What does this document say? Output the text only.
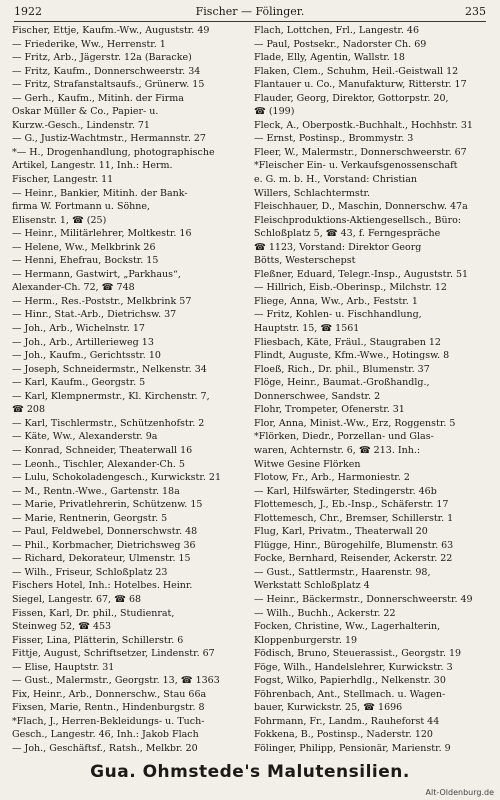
1922	Fischer — Fölinger.	235
Fischer, Ettje, Kaufm.-Ww., Auguststr. 49
— Friederike, Ww., Herrenstr. 1
— Fritz, Arb., Jägerstr. 12a (Baracke)
— Fritz, Kaufm., Donnerschweerstr. 34
— Fritz, Strafanstaltsaufs., Grünerw. 15
— Gerh., Kaufm., Mitinh. der Firma
Oskar Müller & Co., Papier- u.
Kurzw.-Gesch., Lindenstr. 71
— G., Justiz-Wachtmstr., Hermannstr. 27
*— H., Drogenhandlung, photographische
Artikel, Langestr. 11, Inh.: Herm.
Fischer, Langestr. 11
— Heinr., Bankier, Mitinh. der Bank-
firma W. Fortmann u. Söhne,
Elisenstr. 1, ☎ (25)
— Heinr., Militärlehrer, Moltkestr. 16
— Helene, Ww., Melkbrink 26
— Henni, Ehefrau, Bockstr. 15
— Hermann, Gastwirt, „Parkhaus“,
Alexander-Ch. 72, ☎ 748
— Herm., Res.-Poststr., Melkbrink 57
— Hinr., Stat.-Arb., Dietrichsw. 37
— Joh., Arb., Wichelnstr. 17
— Joh., Arb., Artillerieweg 13
— Joh., Kaufm., Gerichtsstr. 10
— Joseph, Schneidermstr., Nelkenstr. 34
— Karl, Kaufm., Georgstr. 5
— Karl, Klempnermstr., Kl. Kirchenstr. 7,
☎ 208
— Karl, Tischlermstr., Schützenhofstr. 2
— Käte, Ww., Alexanderstr. 9a
— Konrad, Schneider, Theaterwall 16
— Leonh., Tischler, Alexander-Ch. 5
— Lulu, Schokoladengesch., Kurwickstr. 21
— M., Rentn.-Wwe., Gartenstr. 18a
— Marie, Privatlehrerin, Schützenw. 15
— Marie, Rentnerin, Georgstr. 5
— Paul, Feldwebel, Donnerschwstr. 48
— Phil., Korbmacher, Dietrichsweg 36
— Richard, Dekorateur, Ulmenstr. 15
— Wilh., Friseur, Schloßplatz 23
Fischers Hotel, Inh.: Hotelbes. Heinr.
Siegel, Langestr. 67, ☎ 68
Fissen, Karl, Dr. phil., Studienrat,
Steinweg 52, ☎ 453
Fisser, Lina, Plätterin, Schillerstr. 6
Fittje, August, Schriftsetzer, Lindenstr. 67
— Elise, Hauptstr. 31
— Gust., Malermstr., Georgstr. 13, ☎ 1363
Fix, Heinr., Arb., Donnerschw., Stau 66a
Fixsen, Marie, Rentn., Hindenburgstr. 8
*Flach, J., Herren-Bekleidungs- u. Tuch-
Gesch., Langestr. 46, Inh.: Jakob Flach
— Joh., Geschäftsf., Ratsh., Melkbr. 20
Flach, Lottchen, Frl., Langestr. 46
— Paul, Postsekr., Nadorster Ch. 69
Flade, Elly, Agentin, Wallstr. 18
Flaken, Clem., Schuhm, Heil.-Geistwall 12
Flantauer u. Co., Manufakturw, Ritterstr. 17
Flauder, Georg, Direktor, Gottorpstr. 20,
☎ (199)
Fleck, A., Oberpostk.-Buchhalt., Hochhstr. 31
— Ernst, Postinsp., Brommystr. 3
Fleer, W., Malermstr., Donnerschweerstr. 67
*Fleischer Ein- u. Verkaufsgenossenschaft
e. G. m. b. H., Vorstand: Christian
Willers, Schlachtermstr.
Fleischhauer, D., Maschin, Donnerschw. 47a
Fleischproduktions-Aktiengesellsch., Büro:
Schloßplatz 5, ☎ 43, f. Ferngespräche
☎ 1123, Vorstand: Direktor Georg
Bötts, Westerschepst
Fleßner, Eduard, Telegr.-Insp., Auguststr. 51
— Hillrich, Eisb.-Oberinsp., Milchstr. 12
Fliege, Anna, Ww., Arb., Feststr. 1
— Fritz, Kohlen- u. Fischhandlung,
Hauptstr. 15, ☎ 1561
Fliesbach, Käte, Fräul., Staugraben 12
Flindt, Auguste, Kfm.-Wwe., Hotingsw. 8
Floeß, Rich., Dr. phil., Blumenstr. 37
Flöge, Heinr., Baumat.-Großhandlg.,
Donnerschwee, Sandstr. 2
Flohr, Trompeter, Ofenerstr. 31
Flor, Anna, Minist.-Ww., Erz, Roggenstr. 5
*Flörken, Diedr., Porzellan- und Glas-
waren, Achternstr. 6, ☎ 213. Inh.:
Witwe Gesine Flörken
Flotow, Fr., Arb., Harmoniestr. 2
— Karl, Hilfswärter, Stedingerstr. 46b
Flottemesch, J., Eb.-Insp., Schäferstr. 17
Flottemesch, Chr., Bremser, Schillerstr. 1
Flug, Karl, Privatm., Theaterwall 20
Flügge, Hinr., Bürogehilfe, Blumenstr. 63
Focke, Bernhard, Reisender, Ackerstr. 22
— Gust., Sattlermstr., Haarenstr. 98,
Werkstatt Schloßplatz 4
— Heinr., Bäckermstr., Donnerschweerstr. 49
— Wilh., Buchh., Ackerstr. 22
Focken, Christine, Ww., Lagerhalterin,
Kloppenburgerstr. 19
Födisch, Bruno, Steuerassist., Georgstr. 19
Föge, Wilh., Handelslehrer, Kurwickstr. 3
Fogst, Wilko, Papierhdlg., Nelkenstr. 30
Föhrenbach, Ant., Stellmach. u. Wagen-
bauer, Kurwickstr. 25, ☎ 1696
Fohrmann, Fr., Landm., Rauheforst 44
Fokkena, B., Postinsp., Naderstr. 120
Fölinger, Philipp, Pensionär, Marienstr. 9
Gua. Ohmstede's Malutensilien.
Alt-Oldenburg.de
